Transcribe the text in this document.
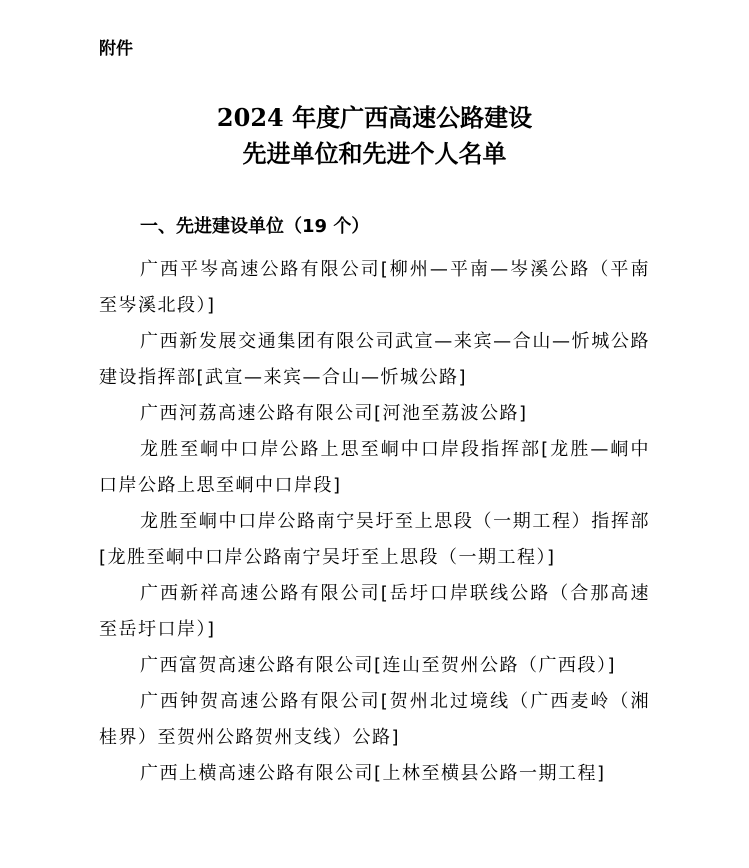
附件
2024 年度广西高速公路建设
先进单位和先进个人名单
一、先进建设单位（19 个）

广西平岑高速公路有限公司[柳州—平南—岑溪公路（平南至岑溪北段）]

广西新发展交通集团有限公司武宣—来宾—合山—忻城公路建设指挥部[武宣—来宾—合山—忻城公路]

广西河荔高速公路有限公司[河池至荔波公路]

龙胜至峒中口岸公路上思至峒中口岸段指挥部[龙胜—峒中口岸公路上思至峒中口岸段]

龙胜至峒中口岸公路南宁吴圩至上思段（一期工程）指挥部[龙胜至峒中口岸公路南宁吴圩至上思段（一期工程）]

广西新祥高速公路有限公司[岳圩口岸联线公路（合那高速至岳圩口岸）]

广西富贺高速公路有限公司[连山至贺州公路（广西段）]

广西钟贺高速公路有限公司[贺州北过境线（广西麦岭（湘桂界）至贺州公路贺州支线）公路]

广西上横高速公路有限公司[上林至横县公路一期工程]
